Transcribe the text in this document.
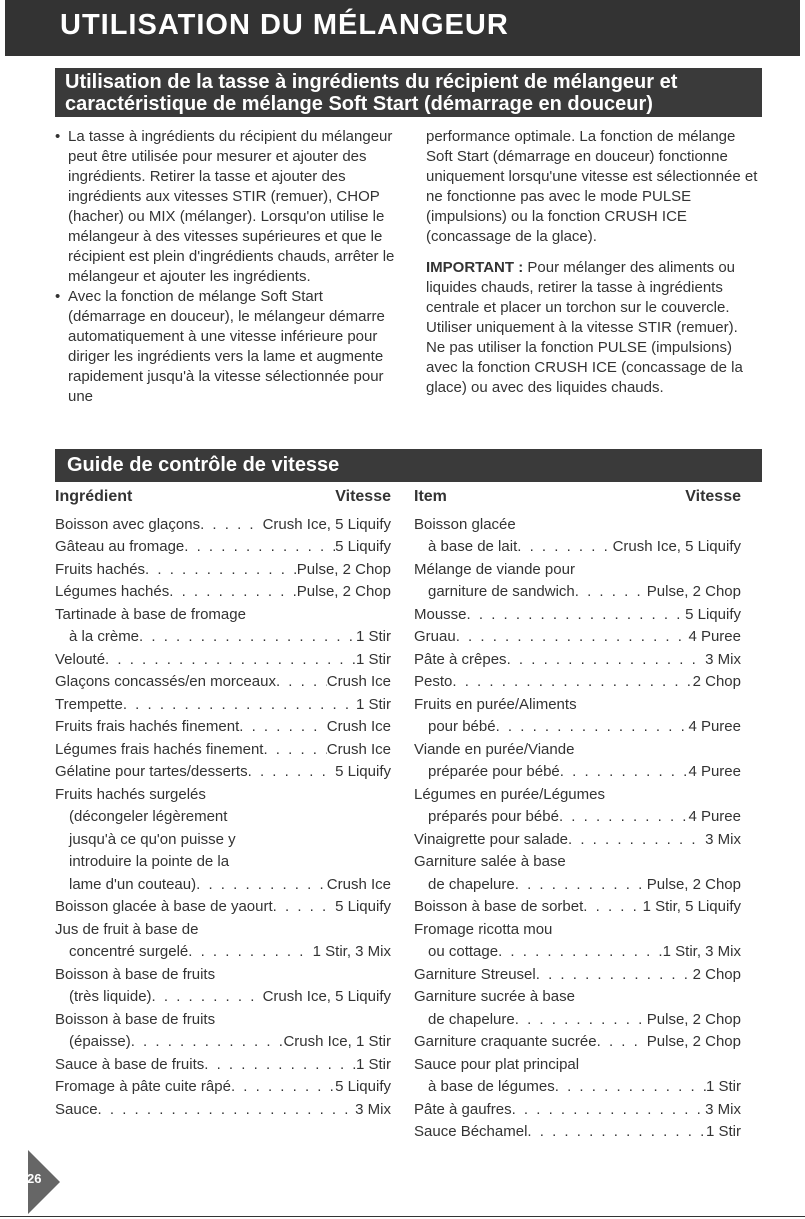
UTILISATION DU MÉLANGEUR
Utilisation de la tasse à ingrédients du récipient de mélangeur et
caractéristique de mélange Soft Start (démarrage en douceur)

• La tasse à ingrédients du récipient du mélangeur peut être utilisée pour mesurer et ajouter des ingrédients. Retirer la tasse et ajouter des ingrédients aux vitesses STIR (remuer), CHOP (hacher) ou MIX (mélanger). Lorsqu'on utilise le mélangeur à des vitesses supérieures et que le récipient est plein d'ingrédients chauds, arrêter le mélangeur et ajouter les ingrédients.

• Avec la fonction de mélange Soft Start (démarrage en douceur), le mélangeur démarre automatiquement à une vitesse inférieure pour diriger les ingrédients vers la lame et augmente rapidement jusqu'à la vitesse sélectionnée pour une

performance optimale. La fonction de mélange Soft Start (démarrage en douceur) fonctionne uniquement lorsqu'une vitesse est sélectionnée et ne fonctionne pas avec le mode PULSE (impulsions) ou la fonction CRUSH ICE (concassage de la glace).

IMPORTANT : Pour mélanger des aliments ou liquides chauds, retirer la tasse à ingrédients centrale et placer un torchon sur le couvercle. Utiliser uniquement à la vitesse STIR (remuer). Ne pas utiliser la fonction PULSE (impulsions) avec la fonction CRUSH ICE (concassage de la glace) ou avec des liquides chauds.

Guide de contrôle de vitesse
Ingrédient	Vitesse
Boisson avec glaçons . . .	Crush Ice, 5 Liquify
Gâteau au fromage . . .	5 Liquify
Fruits hachés . . .	Pulse, 2 Chop
Légumes hachés . . .	Pulse, 2 Chop
Tartinade à base de fromage
à la crème . . .	1 Stir
Velouté . . .	1 Stir
Glaçons concassés/en morceaux . . .	Crush Ice
Trempette . . .	1 Stir
Fruits frais hachés finement . . .	Crush Ice
Légumes frais hachés finement . . .	Crush Ice
Gélatine pour tartes/desserts . . .	5 Liquify
Fruits hachés surgelés
(décongeler légèrement
jusqu'à ce qu'on puisse y
introduire la pointe de la
lame d'un couteau) . . .	Crush Ice
Boisson glacée à base de yaourt . . .	5 Liquify
Jus de fruit à base de
concentré surgelé . . .	1 Stir, 3 Mix
Boisson à base de fruits
(très liquide) . . .	Crush Ice, 5 Liquify
Boisson à base de fruits
(épaisse) . . .	Crush Ice, 1 Stir
Sauce à base de fruits . . .	1 Stir
Fromage à pâte cuite râpé . . .	5 Liquify
Sauce . . .	3 Mix
Item	Vitesse
Boisson glacée
à base de lait . . .	Crush Ice, 5 Liquify
Mélange de viande pour
garniture de sandwich . . .	Pulse, 2 Chop
Mousse . . .	5 Liquify
Gruau . . .	4 Puree
Pâte à crêpes . . .	3 Mix
Pesto . . .	2 Chop
Fruits en purée/Aliments
pour bébé . . .	4 Puree
Viande en purée/Viande
préparée pour bébé . . .	4 Puree
Légumes en purée/Légumes
préparés pour bébé . . .	4 Puree
Vinaigrette pour salade . . .	3 Mix
Garniture salée à base
de chapelure . . .	Pulse, 2 Chop
Boisson à base de sorbet . . .	1 Stir, 5 Liquify
Fromage ricotta mou
ou cottage . . .	1 Stir, 3 Mix
Garniture Streusel . . .	2 Chop
Garniture sucrée à base
de chapelure . . .	Pulse, 2 Chop
Garniture craquante sucrée . . .	Pulse, 2 Chop
Sauce pour plat principal
à base de légumes . . .	1 Stir
Pâte à gaufres . . .	3 Mix
Sauce Béchamel . . .	1 Stir
26
